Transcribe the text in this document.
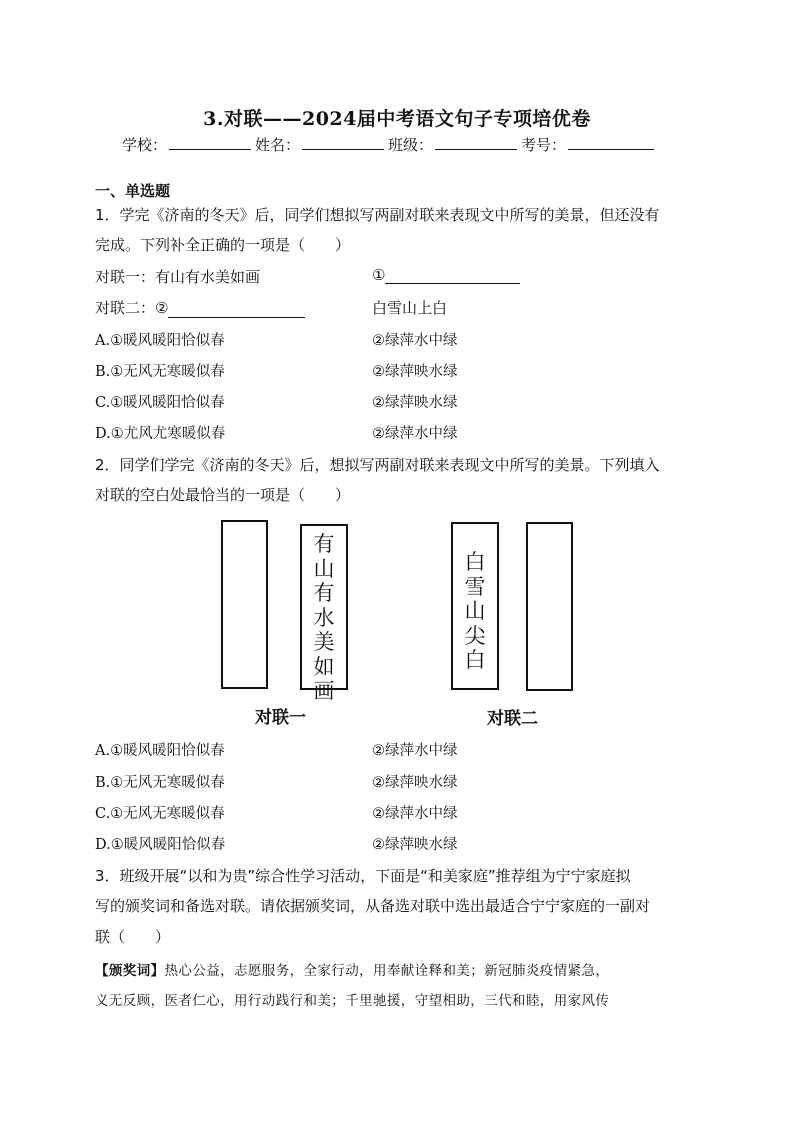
3.对联——2024届中考语文句子专项培优卷
学校：	姓名：	班级：	考号：
一、单选题
1．学完《济南的冬天》后，同学们想拟写两副对联来表现文中所写的美景，但还没有
完成。下列补全正确的一项是（　　）
对联一：有山有水美如画	①
对联二：②	白雪山上白
A.①暖风暖阳恰似春	②绿萍水中绿
B.①无风无寒暖似春	②绿萍映水绿
C.①暖风暖阳恰似春	②绿萍映水绿
D.①尤风尤寒暖似春	②绿萍水中绿
2．同学们学完《济南的冬天》后，想拟写两副对联来表现文中所写的美景。下列填入
对联的空白处最恰当的一项是（　　）
有
山
有
水
美
如
画
白
雪
山
尖
白
对联一	对联二
A.①暖风暖阳恰似春	②绿萍水中绿
B.①无风无寒暖似春	②绿萍映水绿
C.①无风无寒暖似春	②绿萍水中绿
D.①暖风暖阳恰似春	②绿萍映水绿
3．班级开展“以和为贵”综合性学习活动，下面是“和美家庭”推荐组为宁宁家庭拟
写的颁奖词和备选对联。请依据颁奖词，从备选对联中选出最适合宁宁家庭的一副对
联（　　）
【颁奖词】热心公益，志愿服务，全家行动，用奉献诠释和美；新冠肺炎疫情紧急，
义无反顾，医者仁心，用行动践行和美；千里驰援，守望相助，三代和睦，用家风传
